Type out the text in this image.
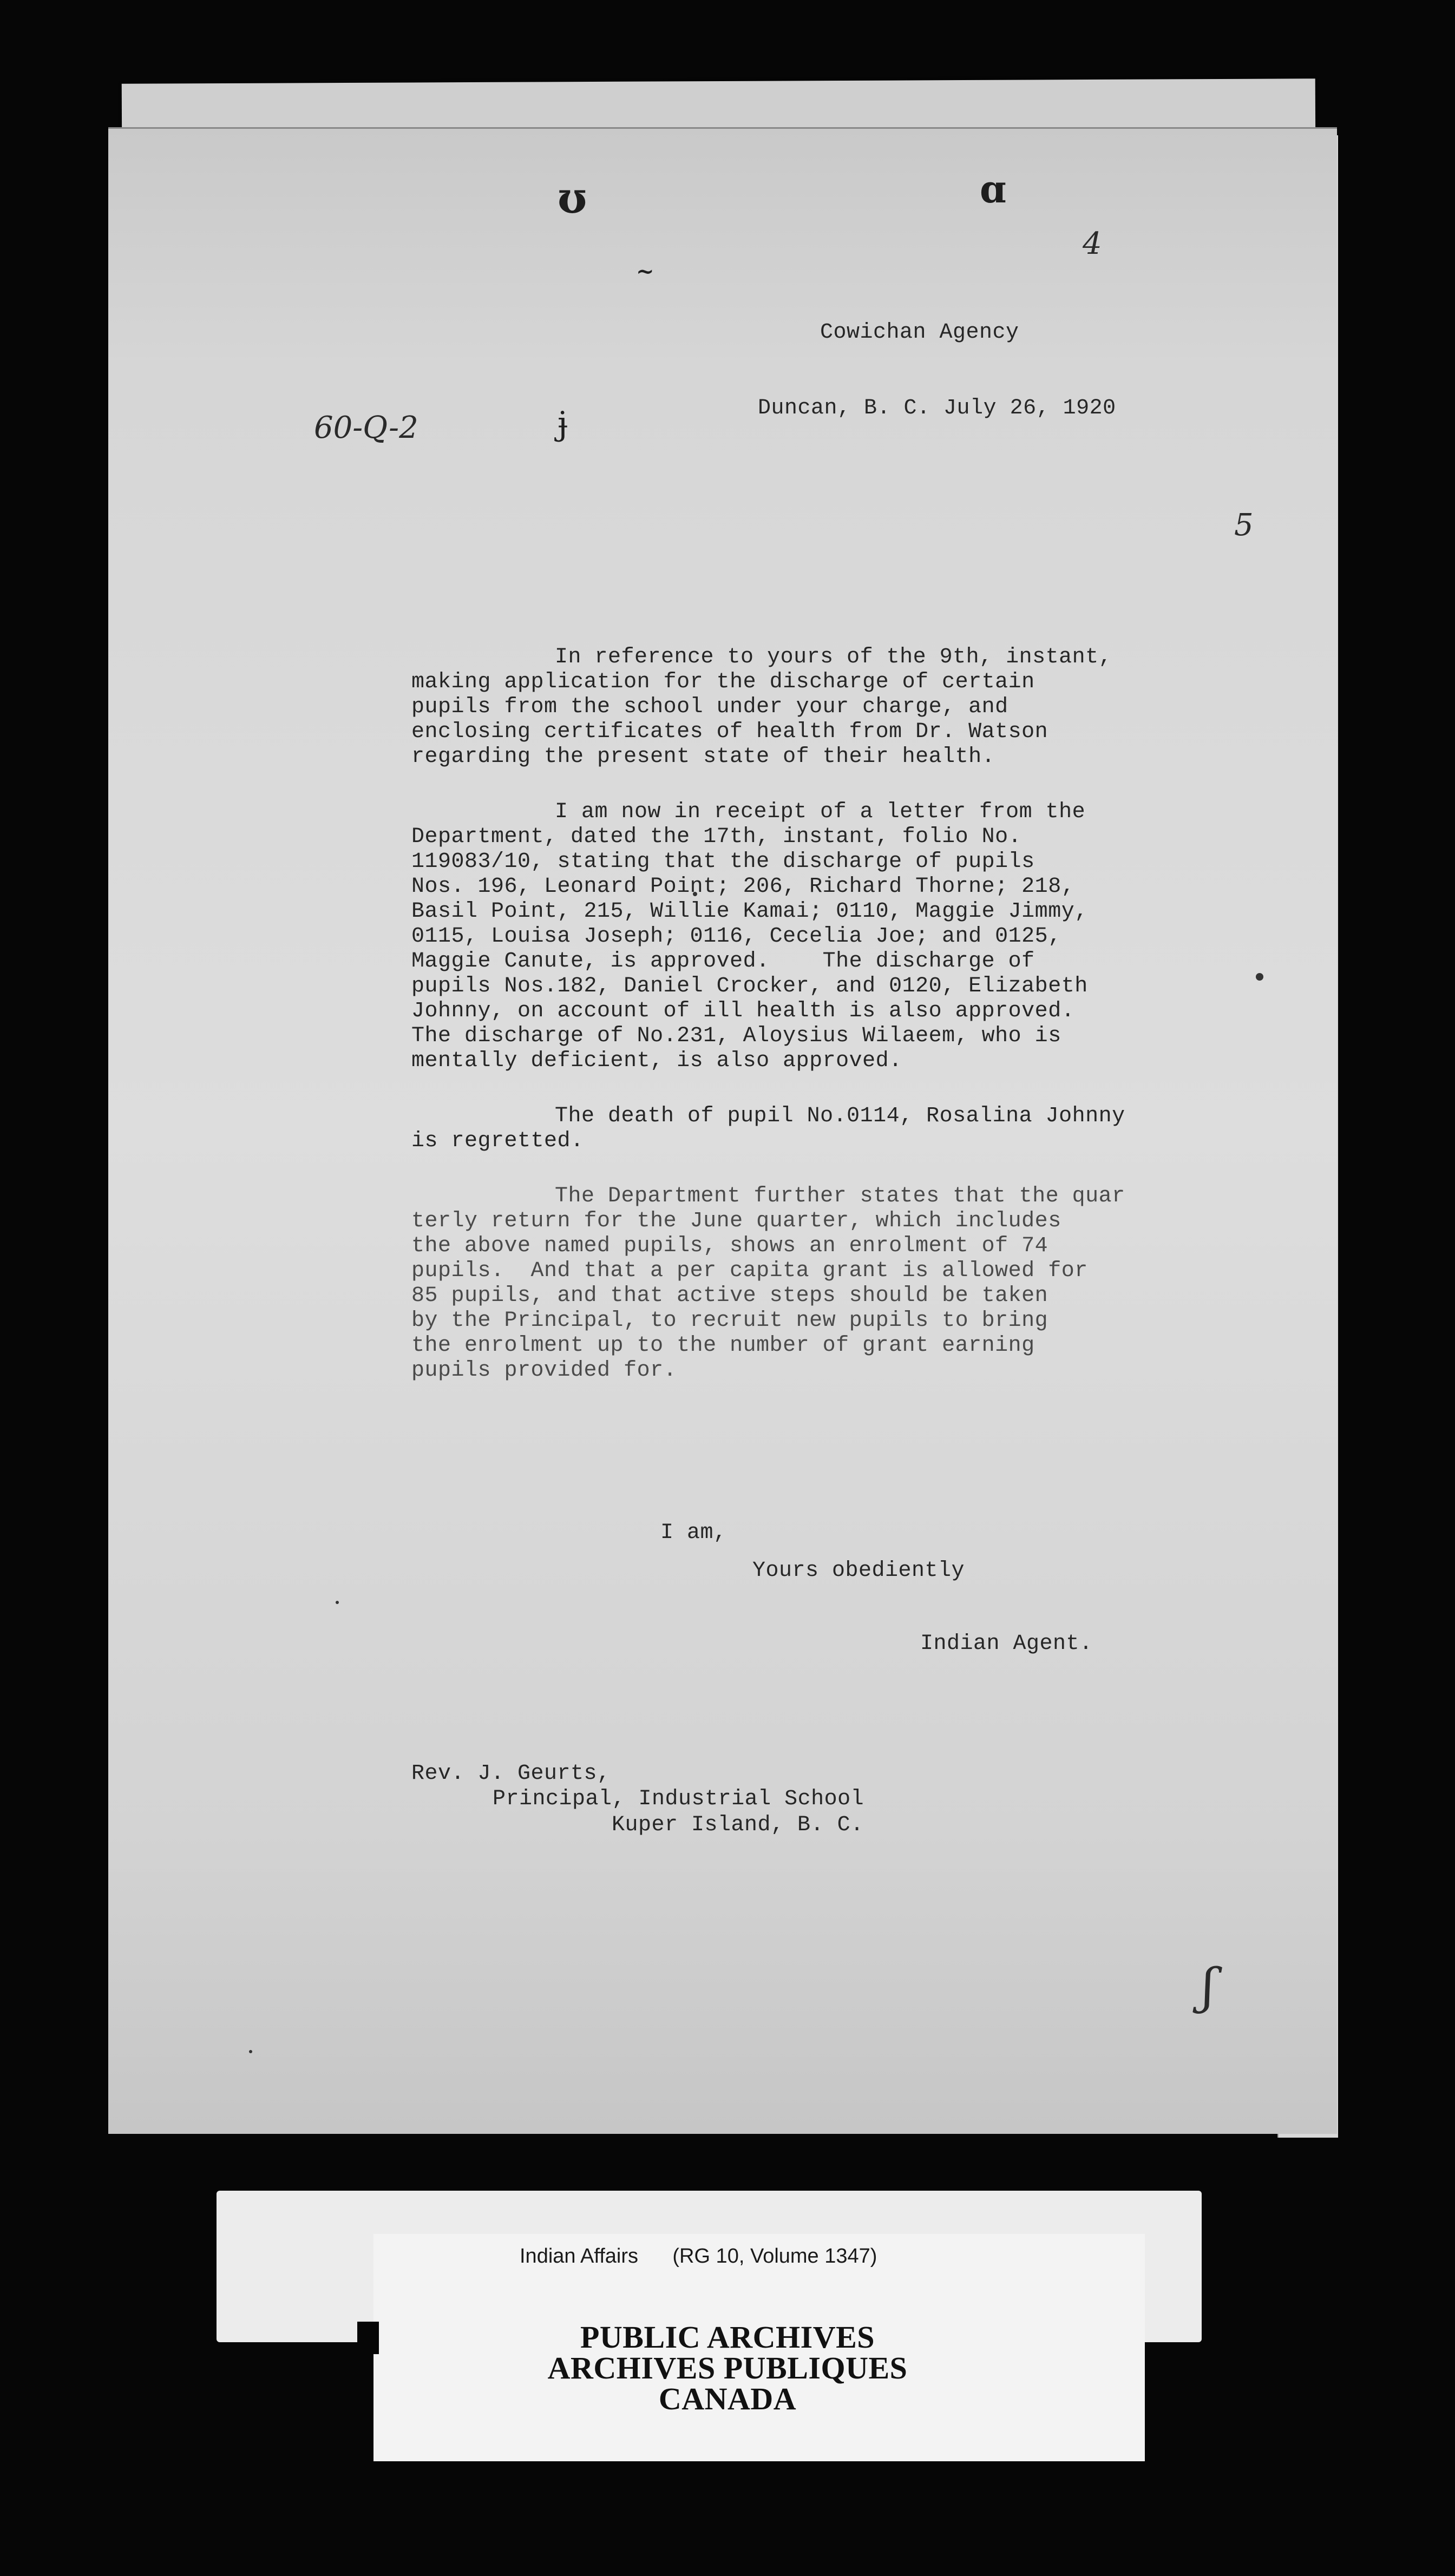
ʊ	ɑ
~
ɉ
4
60-Q-2
5
Cowichan Agency
Duncan, B. C. July 26, 1920
In reference to yours of the 9th, instant,
making application for the discharge of certain
pupils from the school under your charge, and
enclosing certificates of health from Dr. Watson
regarding the present state of their health.
I am now in receipt of a letter from the
Department, dated the 17th, instant, folio No.
119083/10, stating that the discharge of pupils
Nos. 196, Leonard Point; 206, Richard Thorne; 218,
Basil Point, 215, Willie Kamai; 0110, Maggie Jimmy,
0115, Louisa Joseph; 0116, Cecelia Joe; and 0125,
Maggie Canute, is approved.    The discharge of
pupils Nos.182, Daniel Crocker, and 0120, Elizabeth
Johnny, on account of ill health is also approved.
The discharge of No.231, Aloysius Wilaeem, who is
mentally deficient, is also approved.
The death of pupil No.0114, Rosalina Johnny
is regretted.
The Department further states that the quar
terly return for the June quarter, which includes
the above named pupils, shows an enrolment of 74
pupils.  And that a per capita grant is allowed for
85 pupils, and that active steps should be taken
by the Principal, to recruit new pupils to bring
the enrolment up to the number of grant earning
pupils provided for.
I am,
Yours obediently
Indian Agent.
Rev. J. Geurts,
Principal, Industrial School
Kuper Island, B. C.
ʃ
Indian Affairs      (RG 10, Volume 1347)
PUBLIC ARCHIVES
ARCHIVES PUBLIQUES
CANADA
